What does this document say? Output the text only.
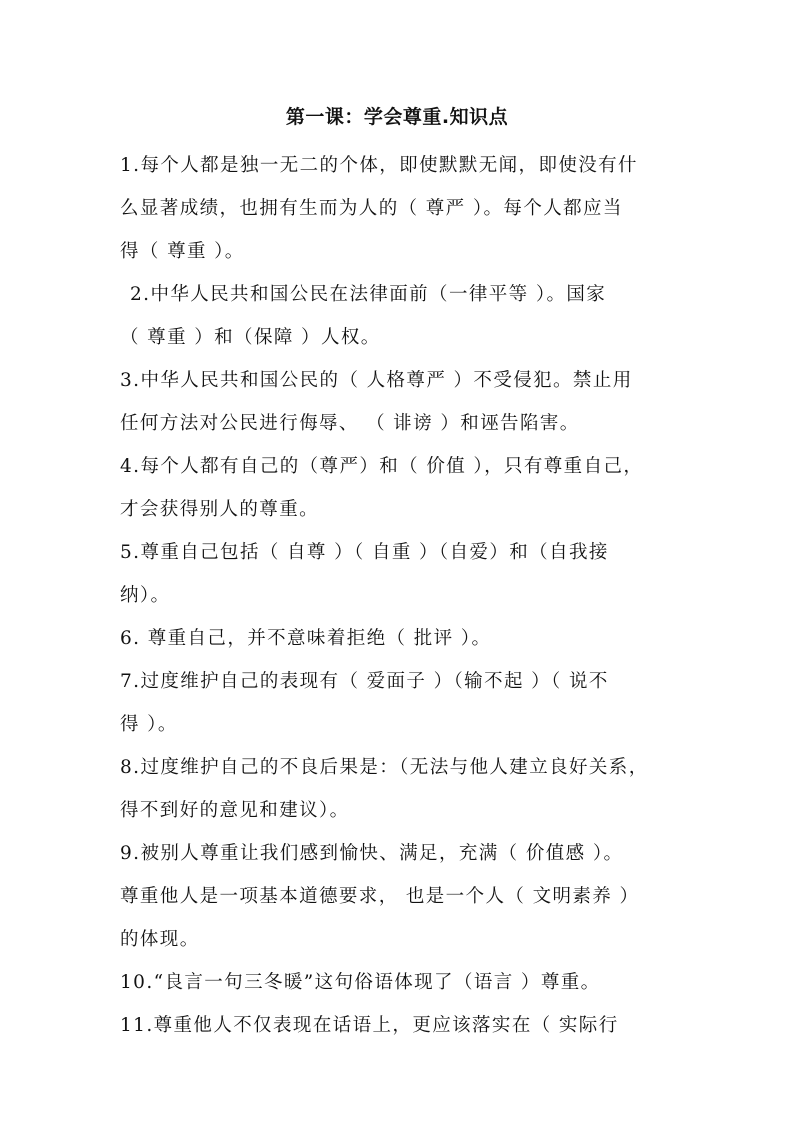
第一课：学会尊重.知识点
1.每个人都是独一无二的个体，即使默默无闻，即使没有什
么显著成绩，也拥有生而为人的（ 尊严 ）。每个人都应当
得（ 尊重 ）。
2.中华人民共和国公民在法律面前（一律平等 ）。国家
（ 尊重 ）和（保障 ）人权。
3.中华人民共和国公民的（ 人格尊严 ）不受侵犯。禁止用
任何方法对公民进行侮辱、 （ 诽谤 ）和诬告陷害。
4.每个人都有自己的（尊严）和（ 价值 ），只有尊重自己，
才会获得别人的尊重。
5.尊重自己包括（ 自尊 ）（ 自重 ）（自爱）和（自我接
纳）。
6. 尊重自己，并不意味着拒绝（ 批评 ）。
7.过度维护自己的表现有（ 爱面子 ）（输不起 ）（ 说不
得 ）。
8.过度维护自己的不良后果是：（无法与他人建立良好关系，
得不到好的意见和建议）。
9.被别人尊重让我们感到愉快、满足，充满（ 价值感 ）。
尊重他人是一项基本道德要求， 也是一个人（ 文明素养 ）
的体现。
10.“良言一句三冬暖”这句俗语体现了（语言 ）尊重。
11.尊重他人不仅表现在话语上，更应该落实在（ 实际行
